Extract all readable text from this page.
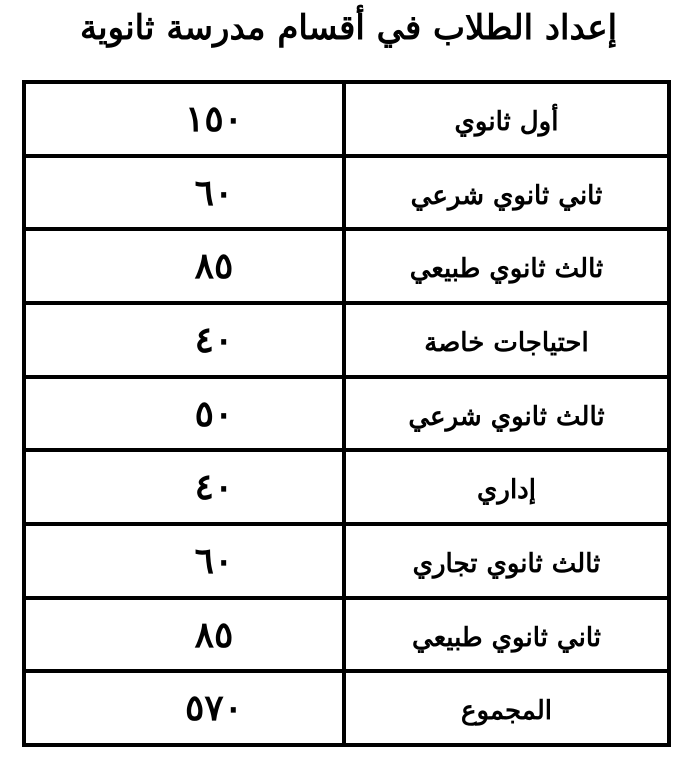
إعداد الطلاب في أقسام مدرسة ثانوية
أول ثانوي
١٥٠
ثاني ثانوي شرعي
٦٠
ثالث ثانوي طبيعي
٨٥
احتياجات خاصة
٤٠
ثالث ثانوي شرعي
٥٠
إداري
٤٠
ثالث ثانوي تجاري
٦٠
ثاني ثانوي طبيعي
٨٥
المجموع
٥٧٠
